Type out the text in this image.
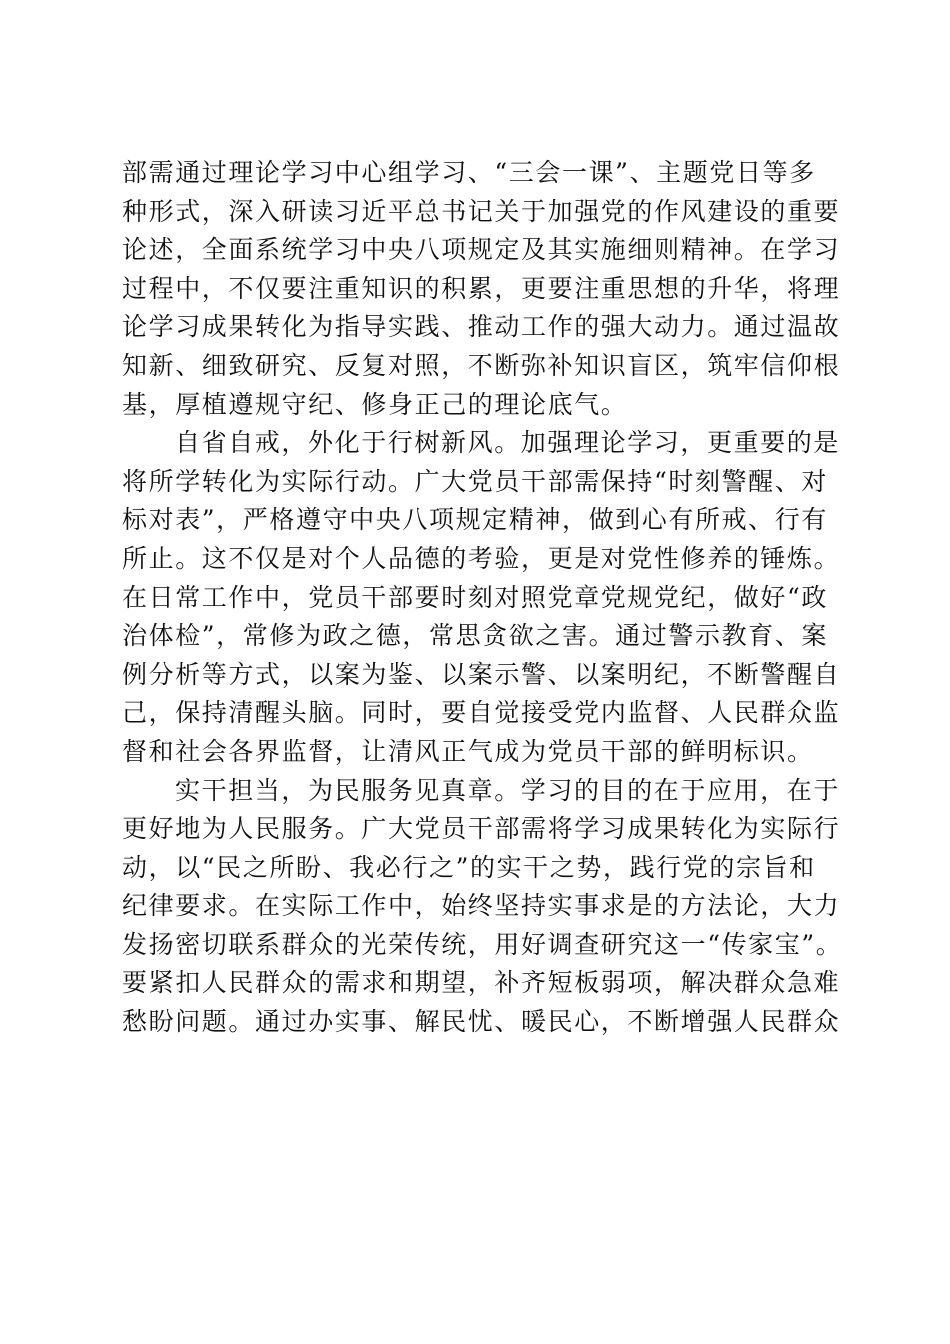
部需通过理论学习中心组学习、“三会一课”、主题党日等多
种形式，深入研读习近平总书记关于加强党的作风建设的重要
论述，全面系统学习中央八项规定及其实施细则精神。在学习
过程中，不仅要注重知识的积累，更要注重思想的升华，将理
论学习成果转化为指导实践、推动工作的强大动力。通过温故
知新、细致研究、反复对照，不断弥补知识盲区，筑牢信仰根
基，厚植遵规守纪、修身正己的理论底气。
自省自戒，外化于行树新风。加强理论学习，更重要的是
将所学转化为实际行动。广大党员干部需保持“时刻警醒、对
标对表”，严格遵守中央八项规定精神，做到心有所戒、行有
所止。这不仅是对个人品德的考验，更是对党性修养的锤炼。
在日常工作中，党员干部要时刻对照党章党规党纪，做好“政
治体检”，常修为政之德，常思贪欲之害。通过警示教育、案
例分析等方式，以案为鉴、以案示警、以案明纪，不断警醒自
己，保持清醒头脑。同时，要自觉接受党内监督、人民群众监
督和社会各界监督，让清风正气成为党员干部的鲜明标识。
实干担当，为民服务见真章。学习的目的在于应用，在于
更好地为人民服务。广大党员干部需将学习成果转化为实际行
动，以“民之所盼、我必行之”的实干之势，践行党的宗旨和
纪律要求。在实际工作中，始终坚持实事求是的方法论，大力
发扬密切联系群众的光荣传统，用好调查研究这一“传家宝”。
要紧扣人民群众的需求和期望，补齐短板弱项，解决群众急难
愁盼问题。通过办实事、解民忧、暖民心，不断增强人民群众
